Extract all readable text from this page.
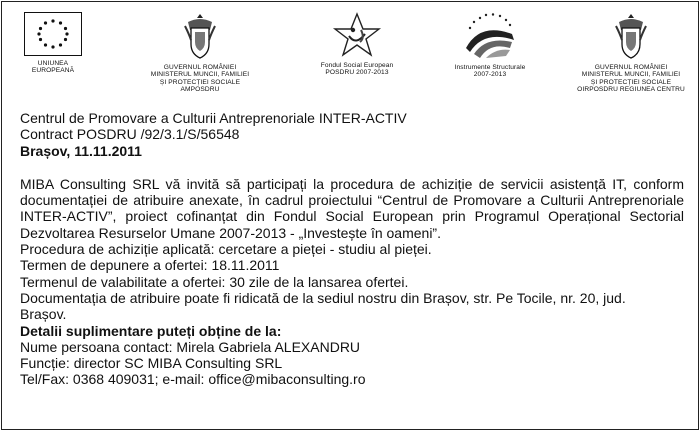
UNIUNEA EUROPEANĂ	GUVERNUL ROMÂNIEI
MINISTERUL MUNCII, FAMILIEI
ȘI PROTECȚIEI SOCIALE
AMPOSDRU
Fondul Social European
POSDRU 2007-2013
Instrumente Structurale
2007-2013
GUVERNUL ROMÂNIEI
MINISTERUL MUNCII, FAMILIEI
ȘI PROTECȚIEI SOCIALE
OIRPOSDRU REGIUNEA CENTRU
Centrul de Promovare a Culturii Antreprenoriale INTER-ACTIV
Contract POSDRU /92/3.1/S/56548
Brașov, 11.11.2011

MIBA Consulting SRL vă invită să participați la procedura de achiziție de servicii asistență IT, conform documentației de atribuire anexate, în cadrul proiectului “Centrul de Promovare a Culturii Antreprenoriale INTER-ACTIV”, proiect cofinanțat din Fondul Social European prin Programul Operațional Sectorial Dezvoltarea Resurselor Umane 2007-2013 - „Investește în oameni”.

Procedura de achiziție aplicată: cercetare a pieței - studiu al pieței.

Termen de depunere a ofertei: 18.11.2011

Termenul de valabilitate a ofertei: 30 zile de la lansarea ofertei.

Documentația de atribuire poate fi ridicată de la sediul nostru din Brașov, str. Pe Tocile, nr. 20, jud.

Brașov.

Detalii suplimentare puteți obține de la:

Nume persoana contact: Mirela Gabriela ALEXANDRU

Funcție: director SC MIBA Consulting SRL

Tel/Fax: 0368 409031; e-mail: office@mibaconsulting.ro
